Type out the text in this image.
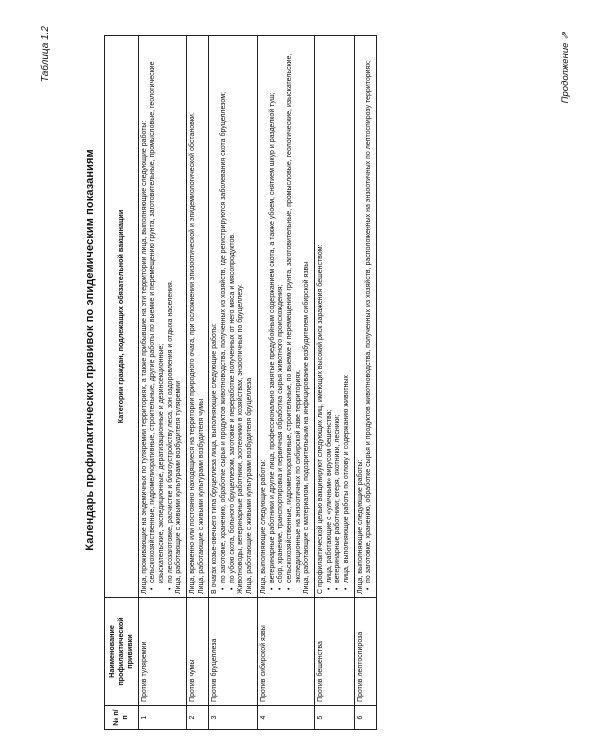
Таблица 1.2
Календарь профилактических прививок по эпидемическим показаниям
№ п/п	Наименование профилактической прививки	Категории граждан, подлежащих обязательной вакцинации
1	Против туляремии	Лица, проживающие на эндемичных по туляремии территориях, а также прибывшие на эти территории лица, выполняющие следующие работы: • сельскохозяйственные, гидромелиоративные, строительные, другие работы по выемке и перемещению грунта, заготовительные, промысловые, геологические изыскательские, экспедиционные, дератизационные и дезинсекционные; • по лесозаготовке, расчистке и благоустройству леса, зон оздоровления и отдыха населения. Лица, работающие с живыми культурами возбудителя туляремии

2	Против чумы	Лица, временно или постоянно находящиеся на территории природного очага, при осложнении эпизоотической и эпидемиологической обстановки. Лица, работающие с живыми культурами возбудителя чумы

3	Против бруцеллеза	В очагах козье-овечьего типа бруцеллеза лица, выполняющие следующие работы: • по заготовке, хранению, обработке сырья и продуктов животноводства, полученных из хозяйств, где регистрируются заболевания скота бруцеллезом; • по убою скота, больного бруцеллезом, заготовке и переработке полученных от него мяса и мясопродуктов. Животноводы, ветеринарные работники, зоотехники в хозяйствах, энзоотичных по бруцеллезу. Лица, работающие с живыми культурами возбудителя бруцеллеза

4	Против сибирской язвы	Лица, выполняющие следующие работы: • ветеринарные работники и другие лица, профессионально занятые предубойным содержанием скота, а также убоем, снятием шкур и разделкой туш; • сбор, хранение, транспортировка и первичная обработка сырья животного происхождения; • сельскохозяйственные, гидромелиоративные, строительные, по выемке и перемещению грунта, заготовительные, промысловые, геологические, изыскательские, экспедиционные на энзоотичных по сибирской язве территориях. Лица, работающие с материалом, подозрительным на инфицирование возбудителем сибирской язвы

5	Против бешенства	С профилактической целью вакцинируют следующих лиц, имеющих высокий риск заражения бешенством: • лица, работающие с «уличным» вирусом бешенства; • ветеринарные работники; егеря, охотники, лесники; • лица, выполняющие работы по отлову и содержанию животных

6	Против лептоспироза	Лица, выполняющие следующие работы: • по заготовке, хранению, обработке сырья и продуктов животноводства, полученных из хозяйств, расположенных на энзоотичных по лептоспирозу территориях;	Продолжение ⇗
